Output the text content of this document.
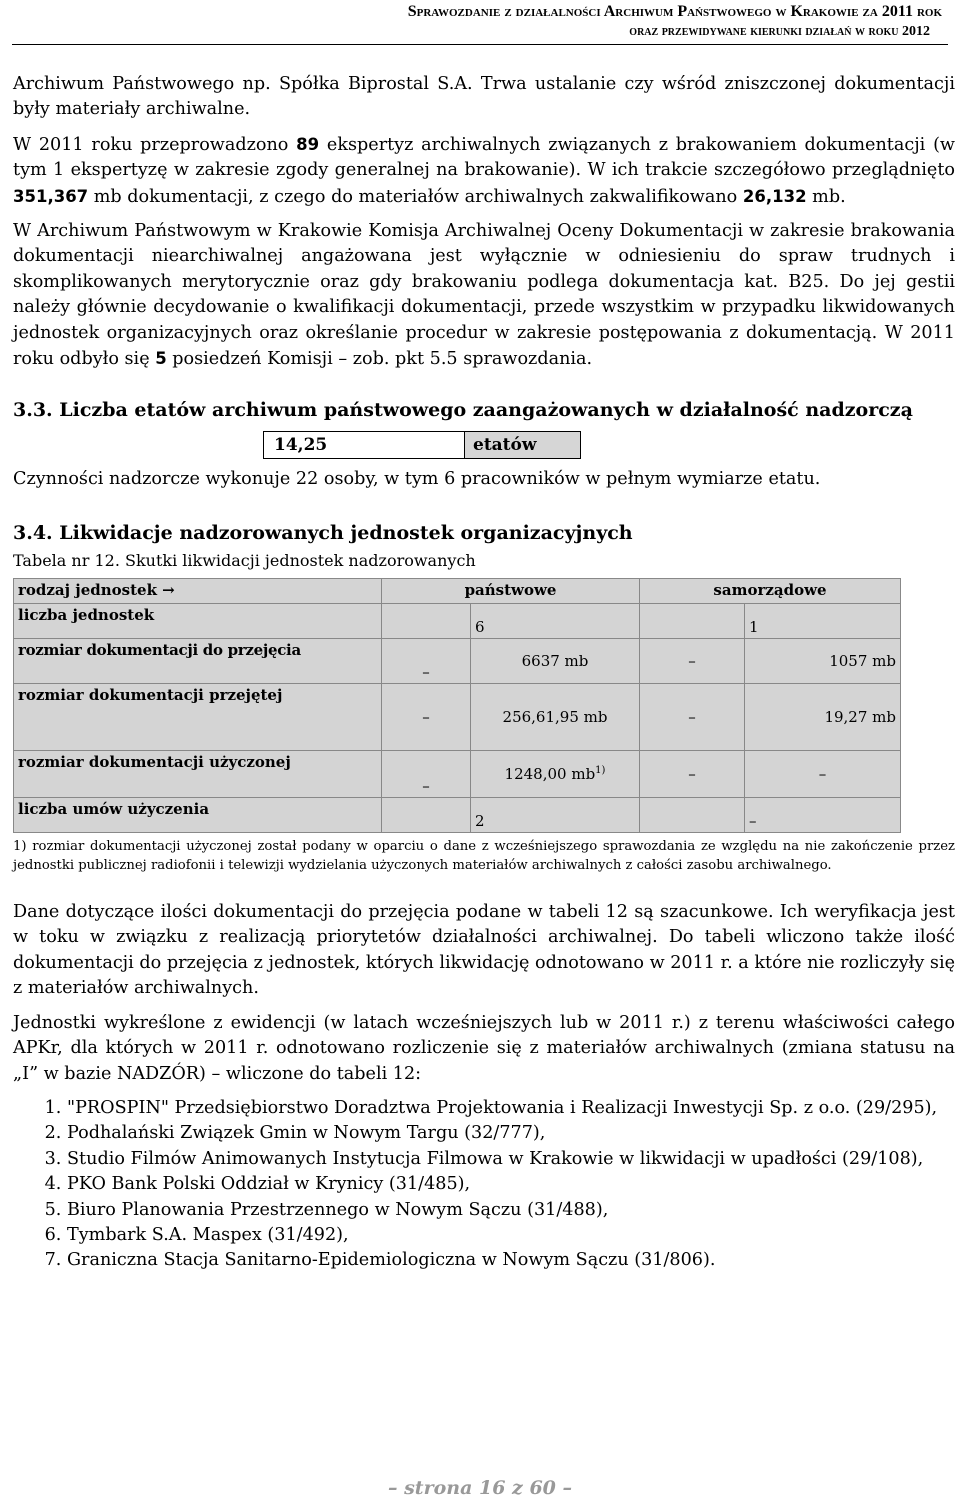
Sprawozdanie z działalności Archiwum Państwowego w Krakowie za 2011 rok
oraz przewidywane kierunki działań w roku 2012

Archiwum Państwowego np. Spółka Biprostal S.A. Trwa ustalanie czy wśród zniszczonej dokumentacji były materiały archiwalne.

W 2011 roku przeprowadzono 89 ekspertyz archiwalnych związanych z brakowaniem dokumentacji (w tym 1 ekspertyzę w zakresie zgody generalnej na brakowanie). W ich trakcie szczegółowo przeglądnięto 351,367 mb dokumentacji, z czego do materiałów archiwalnych zakwalifikowano 26,132 mb.

W Archiwum Państwowym w Krakowie Komisja Archiwalnej Oceny Dokumentacji w zakresie brakowania dokumentacji niearchiwalnej angażowana jest wyłącznie w odniesieniu do spraw trudnych i skomplikowanych merytorycznie oraz gdy brakowaniu podlega dokumentacja kat. B25. Do jej gestii należy głównie decydowanie o kwalifikacji dokumentacji, przede wszystkim w przypadku likwidowanych jednostek organizacyjnych oraz określanie procedur w zakresie postępowania z dokumentacją. W 2011 roku odbyło się 5 posiedzeń Komisji – zob. pkt 5.5 sprawozdania.

3.3. Liczba etatów archiwum państwowego zaangażowanych w działalność nadzorczą

14,25	etatów

Czynności nadzorcze wykonuje 22 osoby, w tym 6 pracowników w pełnym wymiarze etatu.

3.4. Likwidacje nadzorowanych jednostek organizacyjnych

Tabela nr 12. Skutki likwidacji jednostek nadzorowanych

rodzaj jednostek →	państwowe		samorządowe	
liczba jednostek		6		1
rozmiar dokumentacji do przejęcia	–	6637 mb	–	1057 mb
rozmiar dokumentacji przejętej	–	256,61,95 mb	–	19,27 mb
rozmiar dokumentacji użyczonej	–	1248,00 $mb^{1)}$	–	–
liczba umów użyczenia		2		–

1) rozmiar dokumentacji użyczonej został podany w oparciu o dane z wcześniejszego sprawozdania ze względu na nie zakończenie przez jednostki publicznej radiofonii i telewizji wydzielania użyczonych materiałów archiwalnych z całości zasobu archiwalnego.

Dane dotyczące ilości dokumentacji do przejęcia podane w tabeli 12 są szacunkowe. Ich weryfikacja jest w toku w związku z realizacją priorytetów działalności archiwalnej. Do tabeli wliczono także ilość dokumentacji do przejęcia z jednostek, których likwidację odnotowano w 2011 r. a które nie rozliczyły się z materiałów archiwalnych.

Jednostki wykreślone z ewidencji (w latach wcześniejszych lub w 2011 r.) z terenu właściwości całego APKr, dla których w 2011 r. odnotowano rozliczenie się z materiałów archiwalnych (zmiana statusu na „I” w bazie NADZÓR) – wliczone do tabeli 12:

1. "PROSPIN" Przedsiębiorstwo Doradztwa Projektowania i Realizacji Inwestycji Sp. z o.o. (29/295),
2. Podhalański Związek Gmin w Nowym Targu (32/777),
3. Studio Filmów Animowanych Instytucja Filmowa w Krakowie w likwidacji w upadłości (29/108),
4. PKO Bank Polski Oddział w Krynicy (31/485),
5. Biuro Planowania Przestrzennego w Nowym Sączu (31/488),
6. Tymbark S.A. Maspex (31/492),
7. Graniczna Stacja Sanitarno-Epidemiologiczna w Nowym Sączu (31/806).
– strona 16 z 60 –
